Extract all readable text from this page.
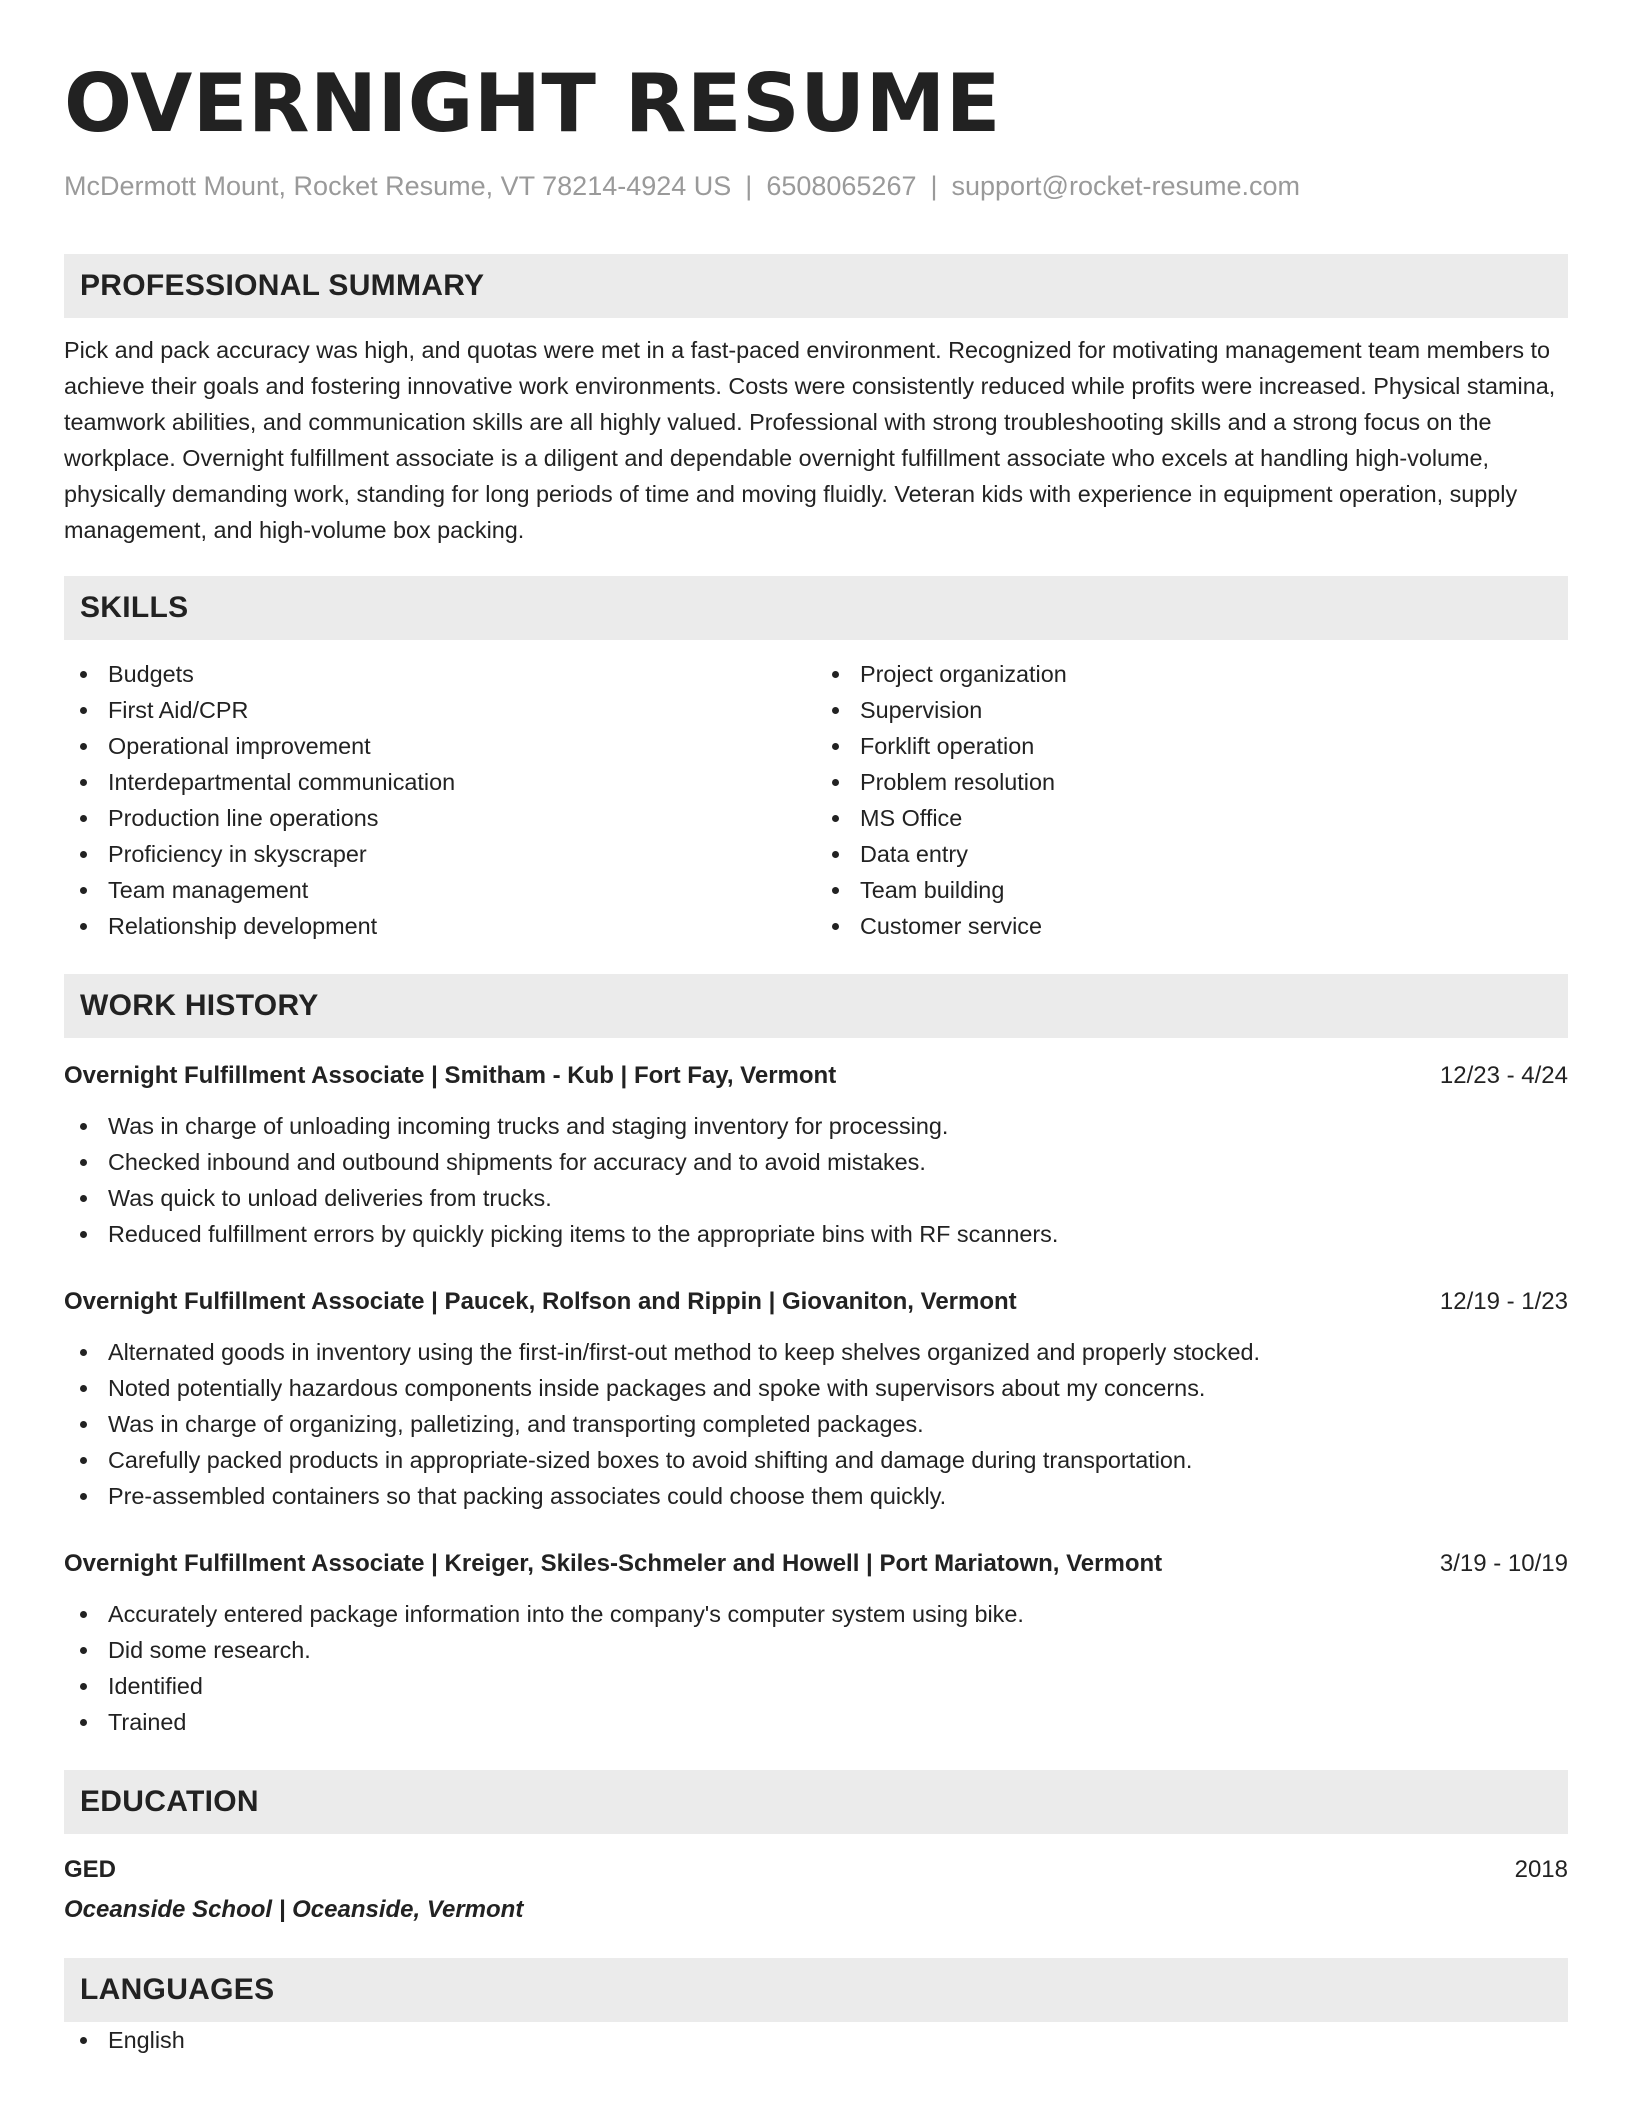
OVERNIGHT RESUME
McDermott Mount, Rocket Resume, VT 78214-4924 US | 6508065267 | support@rocket-resume.com
PROFESSIONAL SUMMARY

Pick and pack accuracy was high, and quotas were met in a fast-paced environment. Recognized for motivating management team members to achieve their goals and fostering innovative work environments. Costs were consistently reduced while profits were increased. Physical stamina, teamwork abilities, and communication skills are all highly valued. Professional with strong troubleshooting skills and a strong focus on the workplace. Overnight fulfillment associate is a diligent and dependable overnight fulfillment associate who excels at handling high-volume, physically demanding work, standing for long periods of time and moving fluidly. Veteran kids with experience in equipment operation, supply management, and high-volume box packing.

SKILLS
Budgets
First Aid/CPR
Operational improvement
Interdepartmental communication
Production line operations
Proficiency in skyscraper
Team management
Relationship development
Project organization
Supervision
Forklift operation
Problem resolution
MS Office
Data entry
Team building
Customer service
WORK HISTORY
Overnight Fulfillment Associate | Smitham - Kub | Fort Fay, Vermont	12/23 - 4/24
Was in charge of unloading incoming trucks and staging inventory for processing.
Checked inbound and outbound shipments for accuracy and to avoid mistakes.
Was quick to unload deliveries from trucks.
Reduced fulfillment errors by quickly picking items to the appropriate bins with RF scanners.
Overnight Fulfillment Associate | Paucek, Rolfson and Rippin | Giovaniton, Vermont	12/19 - 1/23
Alternated goods in inventory using the first-in/first-out method to keep shelves organized and properly stocked.
Noted potentially hazardous components inside packages and spoke with supervisors about my concerns.
Was in charge of organizing, palletizing, and transporting completed packages.
Carefully packed products in appropriate-sized boxes to avoid shifting and damage during transportation.
Pre-assembled containers so that packing associates could choose them quickly.
Overnight Fulfillment Associate | Kreiger, Skiles-Schmeler and Howell | Port Mariatown, Vermont	3/19 - 10/19
Accurately entered package information into the company's computer system using bike.
Did some research.
Identified
Trained
EDUCATION
GED	2018
Oceanside School | Oceanside, Vermont
LANGUAGES
English
